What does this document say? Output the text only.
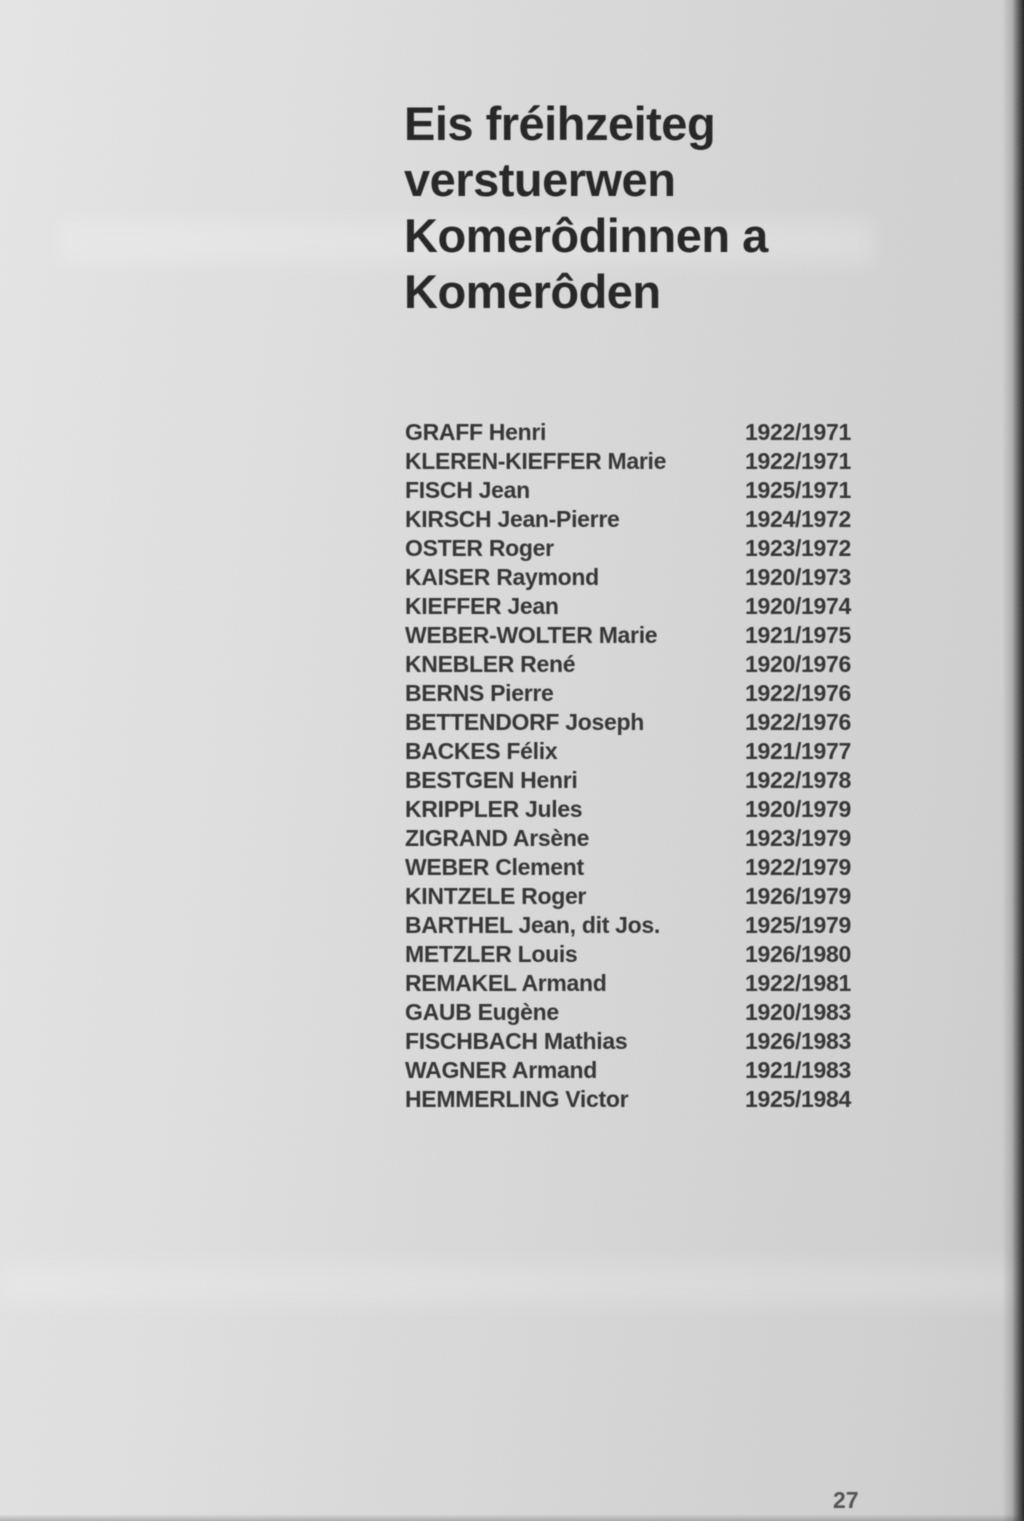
Eis fréihzeiteg
verstuerwen
Komerôdinnen a
Komerôden
GRAFF Henri	1922/1971
KLEREN-KIEFFER Marie	1922/1971
FISCH Jean	1925/1971
KIRSCH Jean-Pierre	1924/1972
OSTER Roger	1923/1972
KAISER Raymond	1920/1973
KIEFFER Jean	1920/1974
WEBER-WOLTER Marie	1921/1975
KNEBLER René	1920/1976
BERNS Pierre	1922/1976
BETTENDORF Joseph	1922/1976
BACKES Félix	1921/1977
BESTGEN Henri	1922/1978
KRIPPLER Jules	1920/1979
ZIGRAND Arsène	1923/1979
WEBER Clement	1922/1979
KINTZELE Roger	1926/1979
BARTHEL Jean, dit Jos.	1925/1979
METZLER Louis	1926/1980
REMAKEL Armand	1922/1981
GAUB Eugène	1920/1983
FISCHBACH Mathias	1926/1983
WAGNER Armand	1921/1983
HEMMERLING Victor	1925/1984
27
